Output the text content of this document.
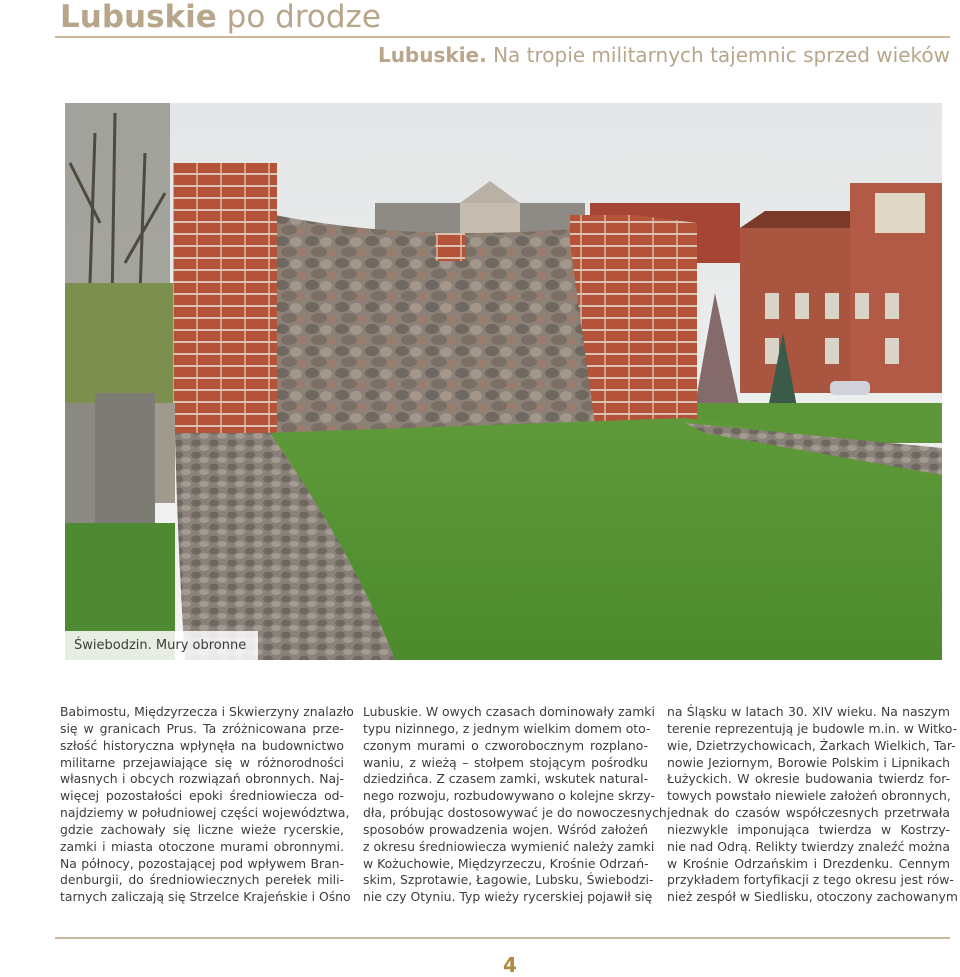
Lubuskie po drodze
Lubuskie. Na tropie militarnych tajemnic sprzed wieków
Świebodzin. Mury obronne

Babimostu, Międzyrzecza i Skwierzyny znalazło

się w granicach Prus. Ta zróżnicowana prze-

szłość historyczna wpłynęła na budownictwo

militarne przejawiające się w różnorodności

własnych i obcych rozwiązań obronnych. Naj-

więcej pozostałości epoki średniowiecza od-

najdziemy w południowej części województwa,

gdzie zachowały się liczne wieże rycerskie,

zamki i miasta otoczone murami obronnymi.

Na północy, pozostającej pod wpływem Bran-

denburgii, do średniowiecznych perełek mili-

tarnych zaliczają się Strzelce Krajeńskie i Ośno

Lubuskie. W owych czasach dominowały zamki

typu nizinnego, z jednym wielkim domem oto-

czonym murami o czworobocznym rozplano-

waniu, z wieżą – stołpem stojącym pośrodku

dziedzińca. Z czasem zamki, wskutek natural-

nego rozwoju, rozbudowywano o kolejne skrzy-

dła, próbując dostosowywać je do nowoczesnych

sposobów prowadzenia wojen. Wśród założeń

z okresu średniowiecza wymienić należy zamki

w Kożuchowie, Międzyrzeczu, Krośnie Odrzań-

skim, Szprotawie, Łagowie, Lubsku, Świebodzi-

nie czy Otyniu. Typ wieży rycerskiej pojawił się

na Śląsku w latach 30. XIV wieku. Na naszym

terenie reprezentują je budowle m.in. w Witko-

wie, Dzietrzychowicach, Żarkach Wielkich, Tar-

nowie Jeziornym, Borowie Polskim i Lipnikach

Łużyckich. W okresie budowania twierdz for-

towych powstało niewiele założeń obronnych,

jednak do czasów współczesnych przetrwała

niezwykle imponująca twierdza w Kostrzy-

nie nad Odrą. Relikty twierdzy znaleźć można

w Krośnie Odrzańskim i Drezdenku. Cennym

przykładem fortyfikacji z tego okresu jest rów-

nież zespół w Siedlisku, otoczony zachowanym

4
